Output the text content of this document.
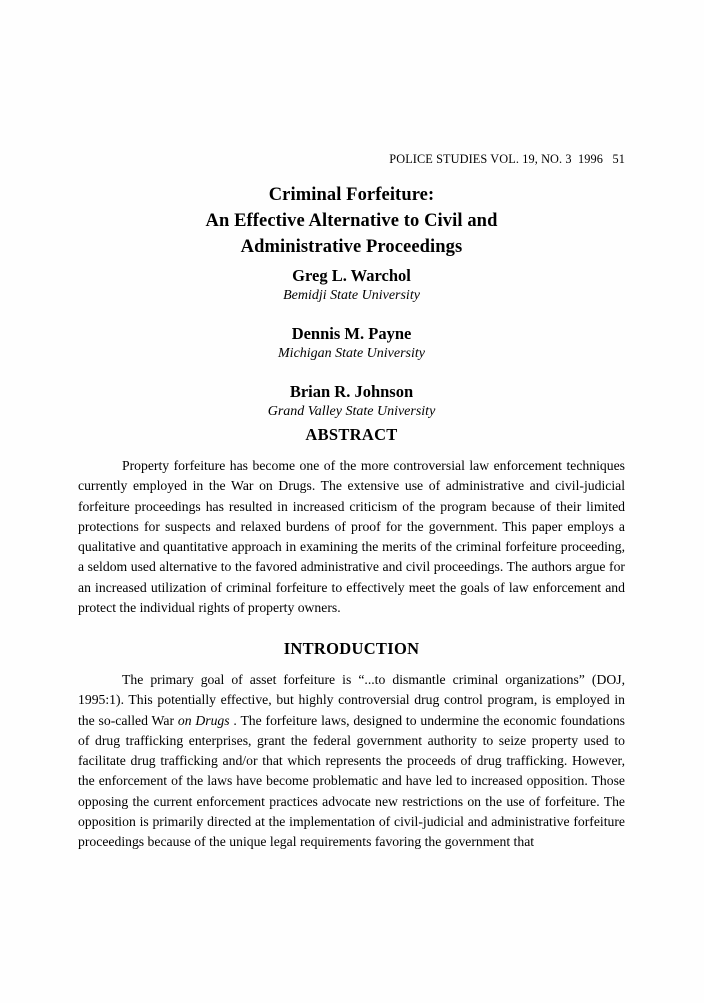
POLICE STUDIES VOL. 19, NO. 3  1996   51
Criminal Forfeiture:
An Effective Alternative to Civil and
Administrative Proceedings
Greg L. Warchol
Bemidji State University
Dennis M. Payne
Michigan State University
Brian R. Johnson
Grand Valley State University
ABSTRACT
Property forfeiture has become one of the more controversial law enforcement techniques currently employed in the War on Drugs. The extensive use of administrative and civil-judicial forfeiture proceedings has resulted in increased criticism of the program because of their limited protections for suspects and relaxed burdens of proof for the government. This paper employs a qualitative and quantitative approach in examining the merits of the criminal forfeiture proceeding, a seldom used alternative to the favored administrative and civil proceedings. The authors argue for an increased utilization of criminal forfeiture to effectively meet the goals of law enforcement and protect the individual rights of property owners.
INTRODUCTION
The primary goal of asset forfeiture is “...to dismantle criminal organizations” (DOJ, 1995:1). This potentially effective, but highly controversial drug control program, is employed in the so-called War on Drugs . The forfeiture laws, designed to undermine the economic foundations of drug trafficking enterprises, grant the federal government authority to seize property used to facilitate drug trafficking and/or that which represents the proceeds of drug trafficking. However, the enforcement of the laws have become problematic and have led to increased opposition. Those opposing the current enforcement practices advocate new restrictions on the use of forfeiture. The opposition is primarily directed at the implementation of civil-judicial and administrative forfeiture proceedings because of the unique legal requirements favoring the government that
